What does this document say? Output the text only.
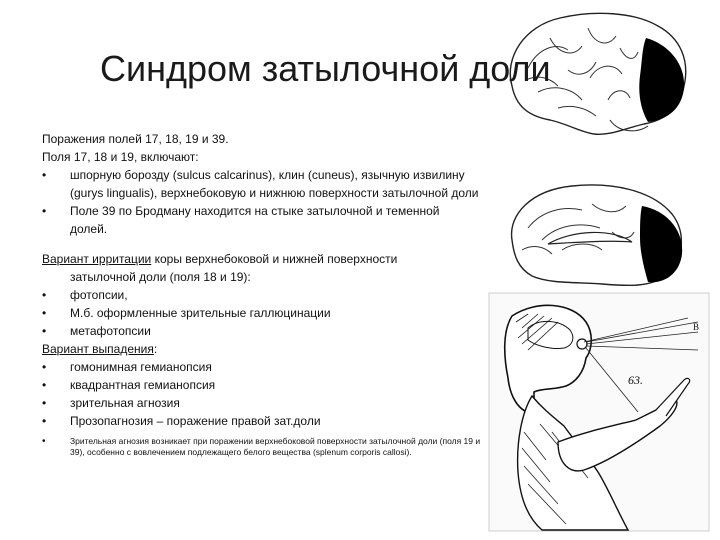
63.
B
Синдром затылочной доли
Поражения полей 17, 18, 19 и 39.
Поля 17, 18 и 19, включают:
• шпорную борозду (sulcus calcarinus), клин (cuneus), язычную извилину (gurys lingualis), верхнебоковую и нижнюю поверхности затылочной доли
• Поле 39 по Бродману находится на стыке затылочной и теменной долей.
Вариант ирритации коры верхнебоковой и нижней поверхности
затылочной доли (поля 18 и 19):
• фотопсии,
• М.б. оформленные зрительные галлюцинации
• метафотопсии
Вариант выпадения:
• гомонимная гемианопсия
• квадрантная гемианопсия
• зрительная агнозия
• Прозопагнозия – поражение правой зат.доли
• Зрительная агнозия возникает при поражении верхнебоковой поверхности затылочной доли (поля 19 и 39), особенно с вовлечением подлежащего белого вещества (splenum corporis callosi).
